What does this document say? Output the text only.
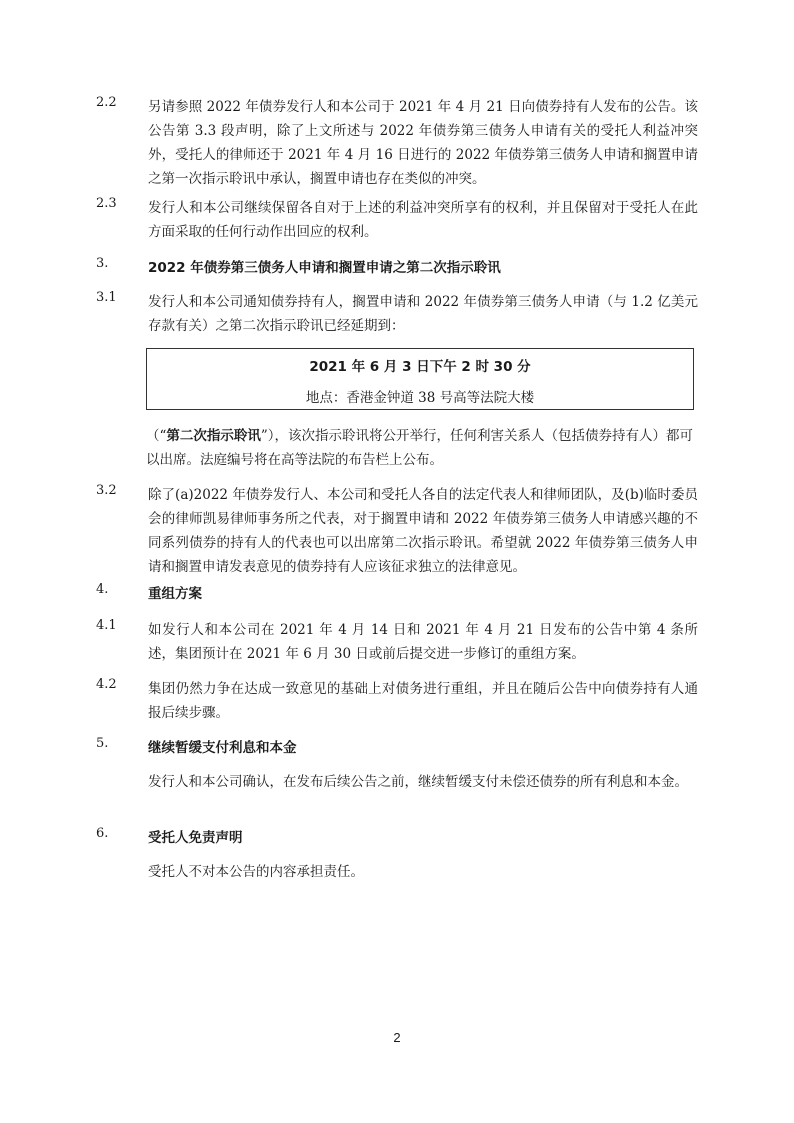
2.2	另请参照 2022 年债券发行人和本公司于 2021 年 4 月 21 日向债券持有人发布的公告。该公告第 3.3 段声明，除了上文所述与 2022 年债券第三债务人申请有关的受托人利益冲突外，受托人的律师还于 2021 年 4 月 16 日进行的 2022 年债券第三债务人申请和搁置申请之第一次指示聆讯中承认，搁置申请也存在类似的冲突。
2.3	发行人和本公司继续保留各自对于上述的利益冲突所享有的权利，并且保留对于受托人在此方面采取的任何行动作出回应的权利。
3.	2022 年债券第三债务人申请和搁置申请之第二次指示聆讯
3.1	发行人和本公司通知债券持有人，搁置申请和 2022 年债券第三债务人申请（与 1.2 亿美元存款有关）之第二次指示聆讯已经延期到：
2021 年 6 月 3 日下午 2 时 30 分
地点：香港金钟道 38 号高等法院大楼
（“第二次指示聆讯”），该次指示聆讯将公开举行，任何利害关系人（包括债券持有人）都可以出席。法庭编号将在高等法院的布告栏上公布。
3.2	除了(a)2022 年债券发行人、本公司和受托人各自的法定代表人和律师团队，及(b)临时委员会的律师凯易律师事务所之代表，对于搁置申请和 2022 年债券第三债务人申请感兴趣的不同系列债券的持有人的代表也可以出席第二次指示聆讯。希望就 2022 年债券第三债务人申请和搁置申请发表意见的债券持有人应该征求独立的法律意见。
4.	重组方案
4.1	如发行人和本公司在 2021 年 4 月 14 日和 2021 年 4 月 21 日发布的公告中第 4 条所述，集团预计在 2021 年 6 月 30 日或前后提交进一步修订的重组方案。
4.2	集团仍然力争在达成一致意见的基础上对债务进行重组，并且在随后公告中向债券持有人通报后续步骤。
5.	继续暂缓支付利息和本金
发行人和本公司确认，在发布后续公告之前，继续暂缓支付未偿还债券的所有利息和本金。
6.	受托人免责声明
受托人不对本公告的内容承担责任。
2
